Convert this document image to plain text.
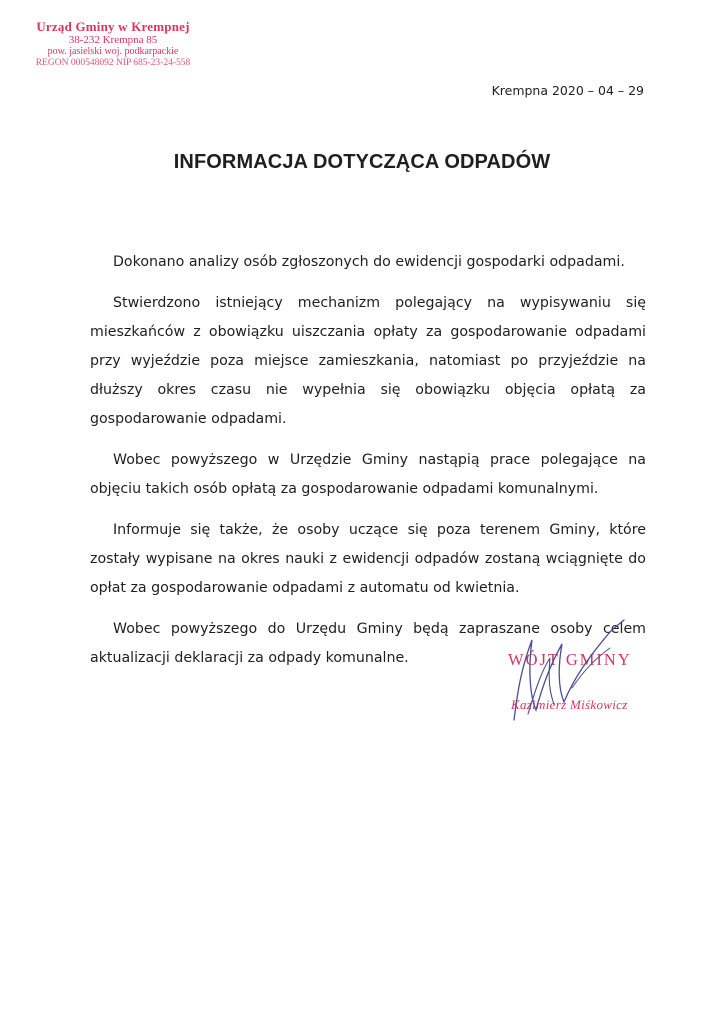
Urząd Gminy w Krempnej
38-232 Krempna 85
pow. jasielski woj. podkarpackie
REGON 000548092 NIP 685-23-24-558
Krempna 2020 – 04 – 29
INFORMACJA DOTYCZĄCA ODPADÓW

Dokonano analizy osób zgłoszonych do ewidencji gospodarki odpadami.

Stwierdzono istniejący mechanizm polegający na wypisywaniu się mieszkańców z obowiązku uiszczania opłaty za gospodarowanie odpadami przy wyjeździe poza miejsce zamieszkania, natomiast po przyjeździe na dłuższy okres czasu nie wypełnia się obowiązku objęcia opłatą za gospodarowanie odpadami.

Wobec powyższego w Urzędzie Gminy nastąpią prace polegające na objęciu takich osób opłatą za gospodarowanie odpadami komunalnymi.

Informuje się także, że osoby uczące się poza terenem Gminy, które zostały wypisane na okres nauki z ewidencji odpadów zostaną wciągnięte do opłat za gospodarowanie odpadami z automatu od kwietnia.

Wobec powyższego do Urzędu Gminy będą zapraszane osoby celem aktualizacji deklaracji za odpady komunalne.	WÓJT GMINY
Kazimierz Miśkowicz
